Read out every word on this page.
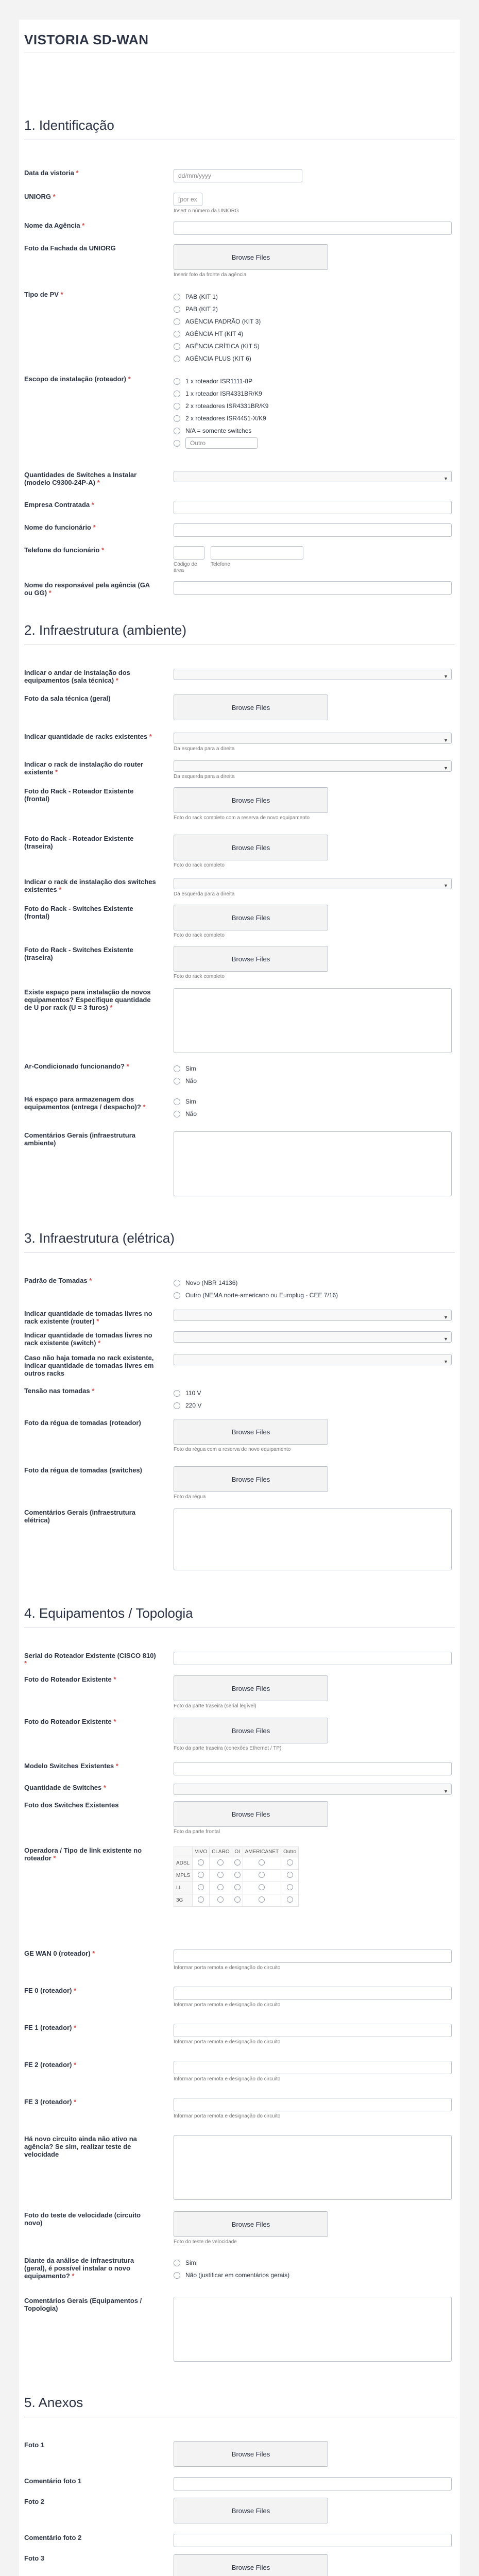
VISTORIA SD-WAN
1. Identificação
Data da vistoria *	dd/mm/yyyy
UNIORG *	[por ex
Insert o número da UNIORG
Nome da Agência *
Foto da Fachada da UNIORG
Browse Files
Inserir foto da fronte da agência
Tipo de PV *	PAB (KIT 1)
PAB (KIT 2)
AGÊNCIA PADRÃO (KIT 3)
AGÊNCIA HT (KIT 4)
AGÊNCIA CRÍTICA (KIT 5)
AGÊNCIA PLUS (KIT 6)
Escopo de instalação (roteador) *	1 x roteador ISR1111-8P
1 x roteador ISR4331BR/K9
2 x roteadores ISR4331BR/K9
2 x roteadores ISR4451-X/K9
N/A = somente switches
Outro
Quantidades de Switches a Instalar (modelo C9300-24P-A) *	▼
Empresa Contratada *
Nome do funcionário *
Telefone do funcionário *
Código de área
Telefone
Nome do responsável pela agência (GA ou GG) *
2. Infraestrutura (ambiente)
Indicar o andar de instalação dos equipamentos (sala técnica) *	▼
Foto da sala técnica (geral)
Browse Files
Indicar quantidade de racks existentes *	▼
Da esquerda para a direita
Indicar o rack de instalação do router existente *	▼
Da esquerda para a direita
Foto do Rack - Roteador Existente (frontal)	Browse Files
Foto do rack completo com a reserva de novo equipamento
Foto do Rack - Roteador Existente (traseira)	Browse Files
Foto do rack completo
Indicar o rack de instalação dos switches existentes *	▼
Da esquerda para a direita
Foto do Rack - Switches Existente (frontal)	Browse Files
Foto do rack completo
Foto do Rack - Switches Existente (traseira)	Browse Files
Foto do rack completo
Existe espaço para instalação de novos equipamentos? Especifique quantidade de U por rack (U = 3 furos) *
Ar-Condicionado funcionando? *	Sim
Não
Há espaço para armazenagem dos equipamentos (entrega / despacho)? *
Sim
Não
Comentários Gerais (infraestrutura ambiente)
3. Infraestrutura (elétrica)
Padrão de Tomadas *	Novo (NBR 14136)
Outro (NEMA norte-americano ou Europlug - CEE 7/16)
Indicar quantidade de tomadas livres no rack existente (router) *	▼
Indicar quantidade de tomadas livres no rack existente (switch) *	▼
Caso não haja tomada no rack existente, indicar quantidade de tomadas livres em outros racks
▼
Tensão nas tomadas *	110 V
220 V
Foto da régua de tomadas (roteador)
Browse Files
Foto da régua com a reserva de novo equipamento
Foto da régua de tomadas (switches)
Browse Files
Foto da régua
Comentários Gerais (infraestrutura elétrica)
4. Equipamentos / Topologia
Serial do Roteador Existente (CISCO 810) *
Foto do Roteador Existente *
Browse Files
Foto da parte traseira (serial legível)
Foto do Roteador Existente *
Browse Files
Foto da parte traseira (conexões Ethernet / TP)
Modelo Switches Existentes *
Quantidade de Switches *	▼
Foto dos Switches Existentes
Browse Files
Foto da parte frontal
Operadora / Tipo de link existente no roteador *
	VIVO	CLARO	OI	AMERICANET	Outro
ADSL					
MPLS					
LL					
3G					
GE WAN 0 (roteador) *
Informar porta remota e designação do circuito
FE 0 (roteador) *
Informar porta remota e designação do circuito
FE 1 (roteador) *
Informar porta remota e designação do circuito
FE 2 (roteador) *
Informar porta remota e designação do circuito
FE 3 (roteador) *
Informar porta remota e designação do circuito
Há novo circuito ainda não ativo na agência? Se sim, realizar teste de velocidade
Foto do teste de velocidade (circuito novo)	Browse Files
Foto do teste de velocidade
Diante da análise de infraestrutura (geral), é possível instalar o novo equipamento? *
Sim
Não (justificar em comentários gerais)
Comentários Gerais (Equipamentos / Topologia)
5. Anexos
Foto 1
Browse Files
Comentário foto 1
Foto 2
Browse Files
Comentário foto 2
Foto 3
Browse Files
